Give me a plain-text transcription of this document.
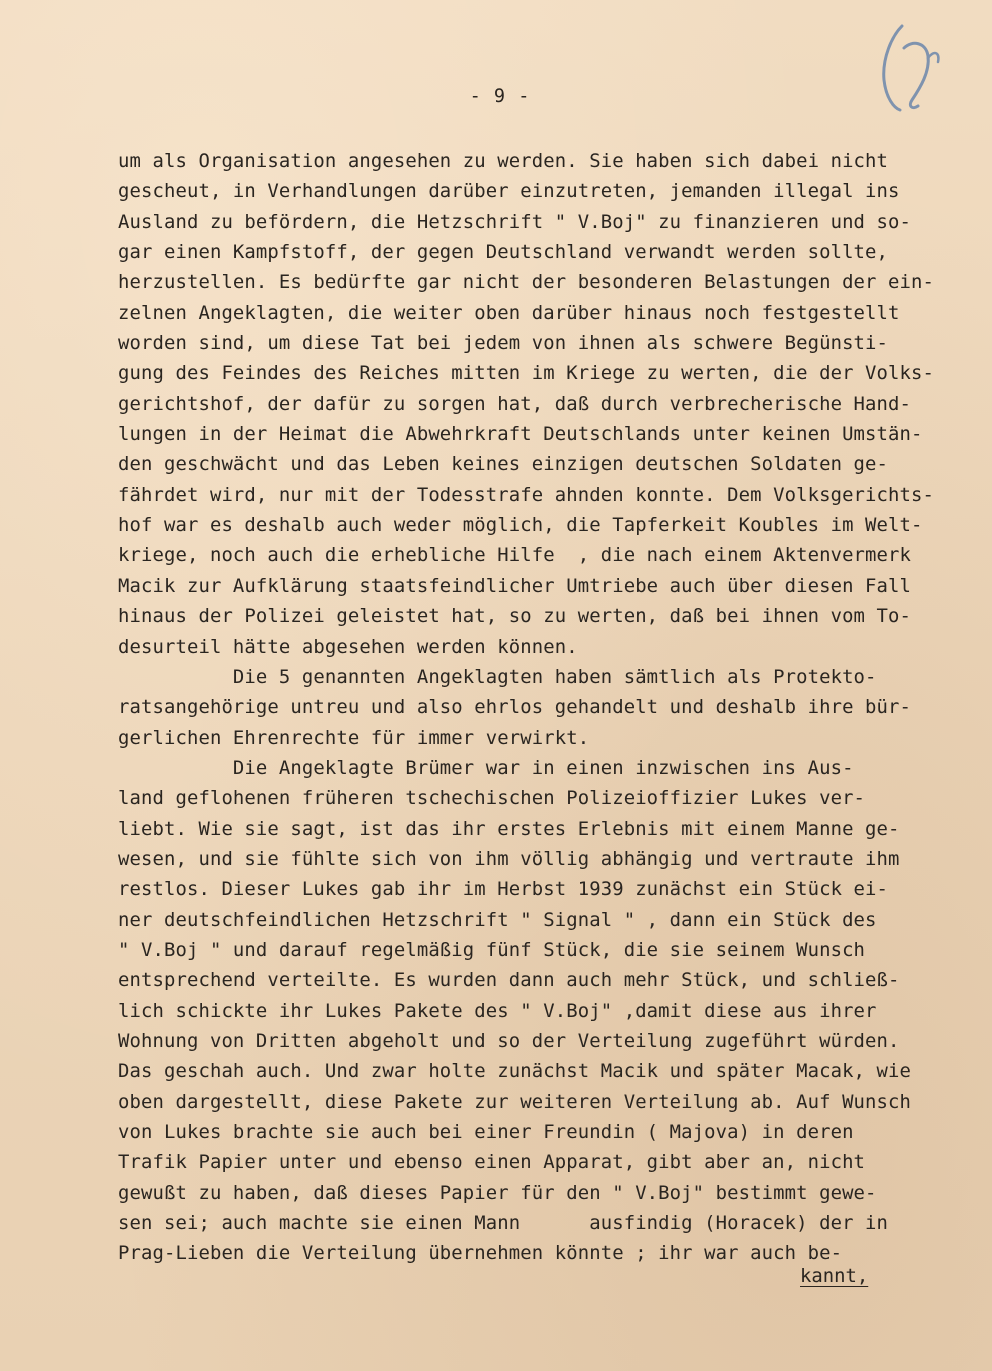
- 9 -
um als Organisation angesehen zu werden. Sie haben sich dabei nicht
gescheut, in Verhandlungen darüber einzutreten, jemanden illegal ins
Ausland zu befördern, die Hetzschrift " V.Boj" zu finanzieren und so-
gar einen Kampfstoff, der gegen Deutschland verwandt werden sollte,
herzustellen. Es bedürfte gar nicht der besonderen Belastungen der ein-
zelnen Angeklagten, die weiter oben darüber hinaus noch festgestellt
worden sind, um diese Tat bei jedem von ihnen als schwere Begünsti-
gung des Feindes des Reiches mitten im Kriege zu werten, die der Volks-
gerichtshof, der dafür zu sorgen hat, daß durch verbrecherische Hand-
lungen in der Heimat die Abwehrkraft Deutschlands unter keinen Umstän-
den geschwächt und das Leben keines einzigen deutschen Soldaten ge-
fährdet wird, nur mit der Todesstrafe ahnden konnte. Dem Volksgerichts-
hof war es deshalb auch weder möglich, die Tapferkeit Koubles im Welt-
kriege, noch auch die erhebliche Hilfe  , die nach einem Aktenvermerk
Macik zur Aufklärung staatsfeindlicher Umtriebe auch über diesen Fall
hinaus der Polizei geleistet hat, so zu werten, daß bei ihnen vom To-
desurteil hätte abgesehen werden können.
Die 5 genannten Angeklagten haben sämtlich als Protekto-
ratsangehörige untreu und also ehrlos gehandelt und deshalb ihre bür-
gerlichen Ehrenrechte für immer verwirkt.
Die Angeklagte Brümer war in einen inzwischen ins Aus-
land geflohenen früheren tschechischen Polizeioffizier Lukes ver-
liebt. Wie sie sagt, ist das ihr erstes Erlebnis mit einem Manne ge-
wesen, und sie fühlte sich von ihm völlig abhängig und vertraute ihm
restlos. Dieser Lukes gab ihr im Herbst 1939 zunächst ein Stück ei-
ner deutschfeindlichen Hetzschrift " Signal " , dann ein Stück des
" V.Boj " und darauf regelmäßig fünf Stück, die sie seinem Wunsch
entsprechend verteilte. Es wurden dann auch mehr Stück, und schließ-
lich schickte ihr Lukes Pakete des " V.Boj" ,damit diese aus ihrer
Wohnung von Dritten abgeholt und so der Verteilung zugeführt würden.
Das geschah auch. Und zwar holte zunächst Macik und später Macak, wie
oben dargestellt, diese Pakete zur weiteren Verteilung ab. Auf Wunsch
von Lukes brachte sie auch bei einer Freundin ( Majova) in deren
Trafik Papier unter und ebenso einen Apparat, gibt aber an, nicht
gewußt zu haben, daß dieses Papier für den " V.Boj" bestimmt gewe-
sen sei; auch machte sie einen Mann      ausfindig (Horacek) der in
Prag-Lieben die Verteilung übernehmen könnte ; ihr war auch be-
kannt,
